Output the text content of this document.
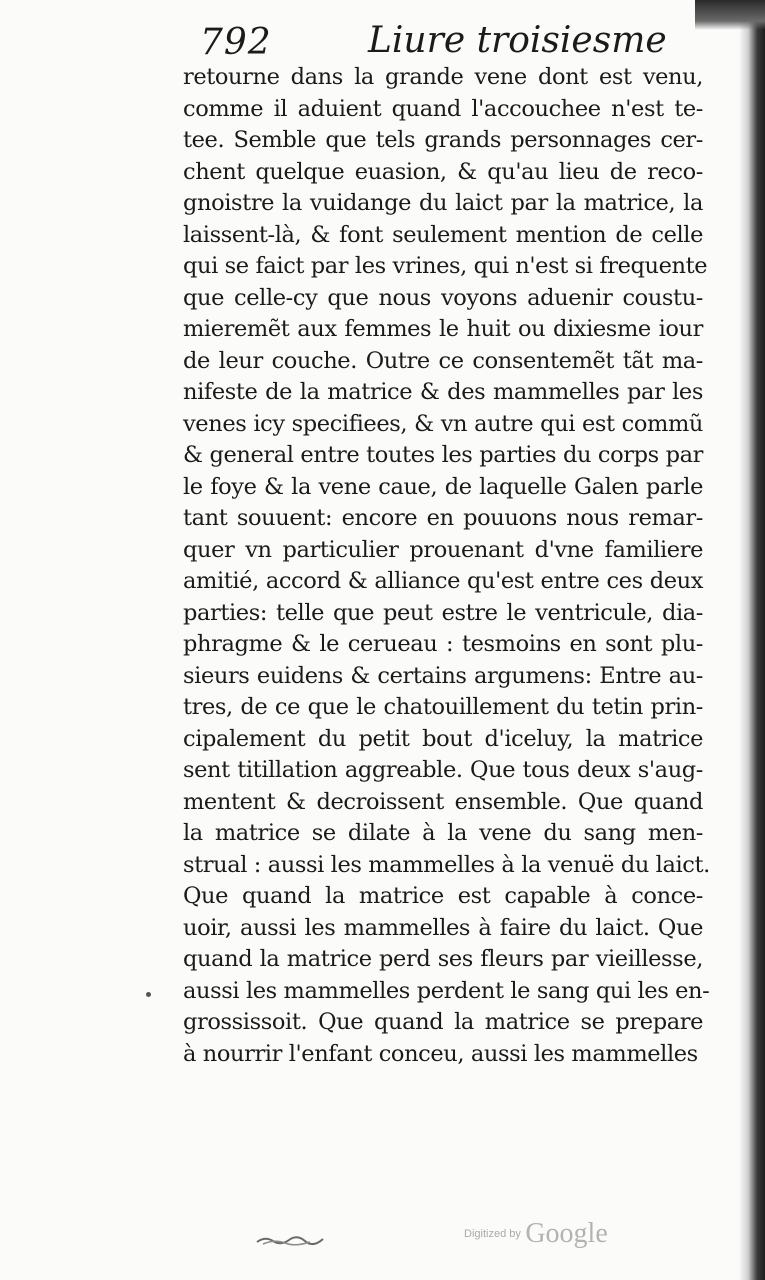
792	Liure troisiesme
retourne dans la grande vene dont est venu,
comme il aduient quand l'accouchee n'est te-
tee. Semble que tels grands personnages cer-
chent quelque euasion, & qu'au lieu de reco-
gnoistre la vuidange du laict par la matrice, la
laissent-là, & font seulement mention de celle
qui se faict par les vrines, qui n'est si frequente
que celle-cy que nous voyons aduenir coustu-
mieremẽt aux femmes le huit ou dixiesme iour
de leur couche. Outre ce consentemẽt tãt ma-
nifeste de la matrice & des mammelles par les
venes icy specifiees, & vn autre qui est commũ
& general entre toutes les parties du corps par
le foye & la vene caue, de laquelle Galen parle
tant souuent: encore en pouuons nous remar-
quer vn particulier prouenant d'vne familiere
amitié, accord & alliance qu'est entre ces deux
parties: telle que peut estre le ventricule, dia-
phragme & le cerueau : tesmoins en sont plu-
sieurs euidens & certains argumens: Entre au-
tres, de ce que le chatouillement du tetin prin-
cipalement du petit bout d'iceluy, la matrice
sent titillation aggreable. Que tous deux s'aug-
mentent & decroissent ensemble. Que quand
la matrice se dilate à la vene du sang men-
strual : aussi les mammelles à la venuë du laict.
Que quand la matrice est capable à conce-
uoir, aussi les mammelles à faire du laict. Que
quand la matrice perd ses fleurs par vieillesse,
aussi les mammelles perdent le sang qui les en-
grossissoit. Que quand la matrice se prepare
à nourrir l'enfant conceu, aussi les mammelles
Digitized by Google
